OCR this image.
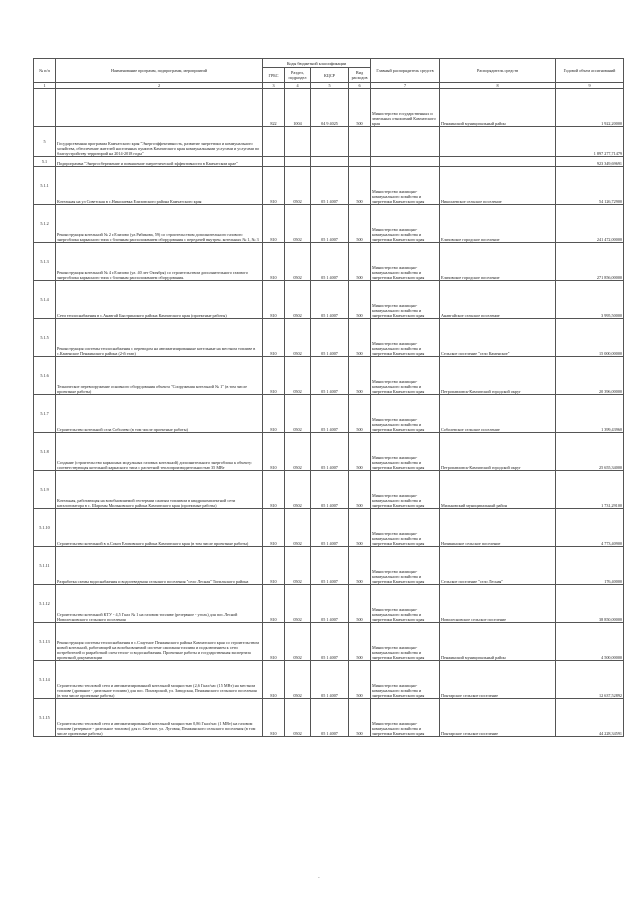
№ п/п	Наименование программ, подпрограмм, мероприятий	Коды бюджетной классификации				Главный распорядитель средств	Распорядитель средств	Годовой объем ассигнований
		ГРБС	Раздел, подраздел	КЦСР	Вид расходов			
1	2	3	4	5	6	7	8	9
		822	1004	04 9 4025	500	Министерство государственных и земельных отношений Камчатского края	Пенжинский муниципальный район	1 922,20000
5	Государственная программа Камчатского края "Энергоэффективность, развитие энергетики и коммунального хозяйства, обеспечение жителей населенных пунктов Камчатского края коммунальными услугами и услугами по благоустройству территорий на 2014-2018 годы"							1 897 277,71479
5.1	Подпрограмма "Энергосбережение и повышение энергетической эффективности в Камчатском крае"							923 349,69691
5.1.1	Котельная на ул Советская в с.Николаевка Елизовского района Камчатского края	810	0502	05 1 4007	500	Министерство жилищно-коммунального хозяйства и энергетики Камчатского края	Николаевское сельское поселение	54 126,72900
5.1.2	Реконструкция котельной № 2 г.Елизово (ул.Рябикова, 59) со строительством дополнительного газового энергоблока каркасного типа с блочным расположением оборудования с передачей внутрен. котельных № 1, № 3	810	0502	05 1 4007	500	Министерство жилищно-коммунального хозяйства и энергетики Камчатского края	Елизовское городское поселение	241 472,00000
5.1.3	Реконструкция котельной № 4 г.Елизово (ул. 40 лет Октября) со строительством дополнительного газового энергоблока каркасного типа с блочным расположением оборудования.	810	0502	05 1 4007	500	Министерство жилищно-коммунального хозяйства и энергетики Камчатского края	Елизовское городское поселение	271 856,00000
5.1.4	Сети теплоснабжения в с.Анавгай Быстринского района Камчатского края (проектные работы)	810	0502	05 1 4007	500	Министерство жилищно-коммунального хозяйства и энергетики Камчатского края	Анавгайское сельское поселение	3 995,50000
5.1.5	Реконструкция системы теплоснабжения с переводом на автоматизированные котельные на местном топливе в с.Каменское Пенжинского района (2-й этап)	810	0502	05 1 4007	500	Министерство жилищно-коммунального хозяйства и энергетики Камчатского края	Сельское поселение "село Каменское"	15 000,00000
5.1.6	Техническое перевооружение основного оборудования объекта "Сооружения котельной № 1" (в том числе проектные работы)	810	0502	05 1 4007	500	Министерство жилищно-коммунального хозяйства и энергетики Камчатского края	Петропавловск-Камчатский городской округ	20 396,00000
5.1.7	Строительство котельной села Соболево (в том числе проектные работы)	810	0502	05 1 4007	500	Министерство жилищно-коммунального хозяйства и энергетики Камчатского края	Соболевское сельское поселение	1 399,43960
5.1.8	Создание (строительство каркасных модульных газовых котельной) дополнительного энергоблока к объекту: соответствующая котельной каркасного типа с расчетной теплопроизводительностью 35 МВт	810	0502	05 1 4007	500	Министерство жилищно-коммунального хозяйства и энергетики Камчатского края	Петропавловск-Камчатский городской округ	25 655,34000
5.1.9	Котельная, работающая на возобновляемой геотермии сжатым топливом в квадрокомплектной сети каталогизатора в с. Шаромы Мильковского района Камчатского края (проектные работы)	810	0502	05 1 4007	500	Министерство жилищно-коммунального хозяйства и энергетики Камчатского края	Мильковский муниципальный район	1 731,29100
5.1.10	Строительство котельной в п.Сокоч Елизовского района Камчатского края (в том числе проектные работы)	810	0502	05 1 4007	500	Министерство жилищно-коммунального хозяйства и энергетики Камчатского края	Начикинское сельское поселение	4 773,40900
5.1.11	Разработка схемы водоснабжения и водоотведения сельского поселения "село Лесная" Тигильского района	810	0502	05 1 4007	500	Министерство жилищно-коммунального хозяйства и энергетики Камчатского края	Сельское поселение "село Лесная"	176,40000
5.1.12	Строительство котельной КТУ - 4,5 Гкал № 1 на газовом топливе (резервное - уголь) для пос.Лесной Новолесновского сельского поселения	810	0502	05 1 4007	500	Министерство жилищно-коммунального хозяйства и энергетики Камчатского края	Новолесновское сельское поселение	38 850,00000
5.1.13	Реконструкция системы теплоснабжения в с.Слаутное Пенжинского района Камчатского края со строительством новой котельной, работающей на возобновляемой системе сжигания топлива и подключением к сети потребителей и разработкой схем тепло- и водоснабжения. Проектные работы и государственная экспертиза проектной документации	810	0502	05 1 4007	500	Министерство жилищно-коммунального хозяйства и энергетики Камчатского края	Пенжинский муниципальный район	4 500,00000
5.1.14	Строительство тепловой сети и автоматизированной котельной мощностью (2,6 Гкал/час (15 МВт) на местном топливе (дровяное - дизельное топливо) для пос. Понтарский, ул. Заводская, Пенжинского сельского поселения (в том числе проектные работы)	810	0502	05 1 4007	500	Министерство жилищно-коммунального хозяйства и энергетики Камчатского края	Понтарское сельское поселение	12 637,52892
5.1.15	Строительство тепловой сети и автоматизированной котельной мощностью 0,86 Гкал/час (1 МВт) на газовом топливе (резервное - дизельное топливо) для п. Светлое, ул. Луговая, Пенжинского сельского поселения (в том числе проектные работы)	810	0502	05 1 4007	500	Министерство жилищно-коммунального хозяйства и энергетики Камчатского края	Понтарское сельское поселение	44 228,34591
-
